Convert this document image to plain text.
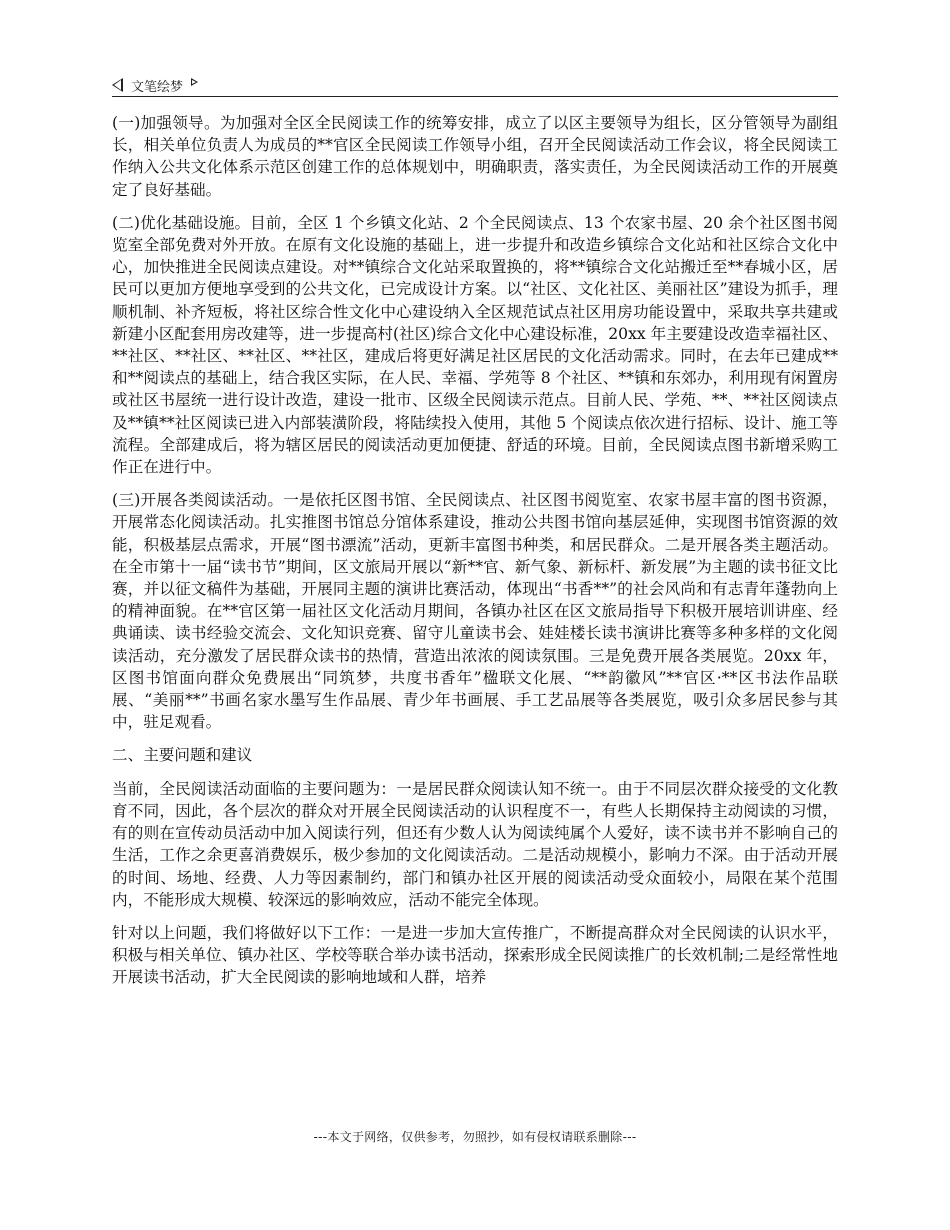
文笔绘梦

(一)加强领导。为加强对全区全民阅读工作的统筹安排，成立了以区主要领导为组长，区分管领导为副组长，相关单位负责人为成员的**官区全民阅读工作领导小组，召开全民阅读活动工作会议，将全民阅读工作纳入公共文化体系示范区创建工作的总体规划中，明确职责，落实责任，为全民阅读活动工作的开展奠定了良好基础。

(二)优化基础设施。目前，全区 1 个乡镇文化站、2 个全民阅读点、13 个农家书屋、20 余个社区图书阅览室全部免费对外开放。在原有文化设施的基础上，进一步提升和改造乡镇综合文化站和社区综合文化中心，加快推进全民阅读点建设。对**镇综合文化站采取置换的，将**镇综合文化站搬迁至**春城小区，居民可以更加方便地享受到的公共文化，已完成设计方案。以“社区、文化社区、美丽社区”建设为抓手，理顺机制、补齐短板，将社区综合性文化中心建设纳入全区规范试点社区用房功能设置中，采取共享共建或新建小区配套用房改建等，进一步提高村(社区)综合文化中心建设标准，20xx 年主要建设改造幸福社区、**社区、**社区、**社区、**社区，建成后将更好满足社区居民的文化活动需求。同时，在去年已建成**和**阅读点的基础上，结合我区实际，在人民、幸福、学苑等 8 个社区、**镇和东郊办，利用现有闲置房或社区书屋统一进行设计改造，建设一批市、区级全民阅读示范点。目前人民、学苑、**、**社区阅读点及**镇**社区阅读已进入内部装潢阶段，将陆续投入使用，其他 5 个阅读点依次进行招标、设计、施工等流程。全部建成后，将为辖区居民的阅读活动更加便捷、舒适的环境。目前，全民阅读点图书新增采购工作正在进行中。

(三)开展各类阅读活动。一是依托区图书馆、全民阅读点、社区图书阅览室、农家书屋丰富的图书资源，开展常态化阅读活动。扎实推图书馆总分馆体系建设，推动公共图书馆向基层延伸，实现图书馆资源的效能，积极基层点需求，开展“图书漂流”活动，更新丰富图书种类，和居民群众。二是开展各类主题活动。在全市第十一届“读书节”期间，区文旅局开展以“新**官、新气象、新标杆、新发展”为主题的读书征文比赛，并以征文稿件为基础，开展同主题的演讲比赛活动，体现出“书香**”的社会风尚和有志青年蓬勃向上的精神面貌。在**官区第一届社区文化活动月期间，各镇办社区在区文旅局指导下积极开展培训讲座、经典诵读、读书经验交流会、文化知识竞赛、留守儿童读书会、娃娃楼长读书演讲比赛等多种多样的文化阅读活动，充分激发了居民群众读书的热情，营造出浓浓的阅读氛围。三是免费开展各类展览。20xx 年，区图书馆面向群众免费展出“同筑梦，共度书香年”楹联文化展、“**韵徽风”**官区·**区书法作品联展、“美丽**”书画名家水墨写生作品展、青少年书画展、手工艺品展等各类展览，吸引众多居民参与其中，驻足观看。

二、主要问题和建议

当前，全民阅读活动面临的主要问题为：一是居民群众阅读认知不统一。由于不同层次群众接受的文化教育不同，因此，各个层次的群众对开展全民阅读活动的认识程度不一，有些人长期保持主动阅读的习惯，有的则在宣传动员活动中加入阅读行列，但还有少数人认为阅读纯属个人爱好，读不读书并不影响自己的生活，工作之余更喜消费娱乐，极少参加的文化阅读活动。二是活动规模小，影响力不深。由于活动开展的时间、场地、经费、人力等因素制约，部门和镇办社区开展的阅读活动受众面较小，局限在某个范围内，不能形成大规模、较深远的影响效应，活动不能完全体现。

针对以上问题，我们将做好以下工作：一是进一步加大宣传推广，不断提高群众对全民阅读的认识水平，积极与相关单位、镇办社区、学校等联合举办读书活动，探索形成全民阅读推广的长效机制;二是经常性地开展读书活动，扩大全民阅读的影响地域和人群，培养

---本文于网络，仅供参考，勿照抄，如有侵权请联系删除---
